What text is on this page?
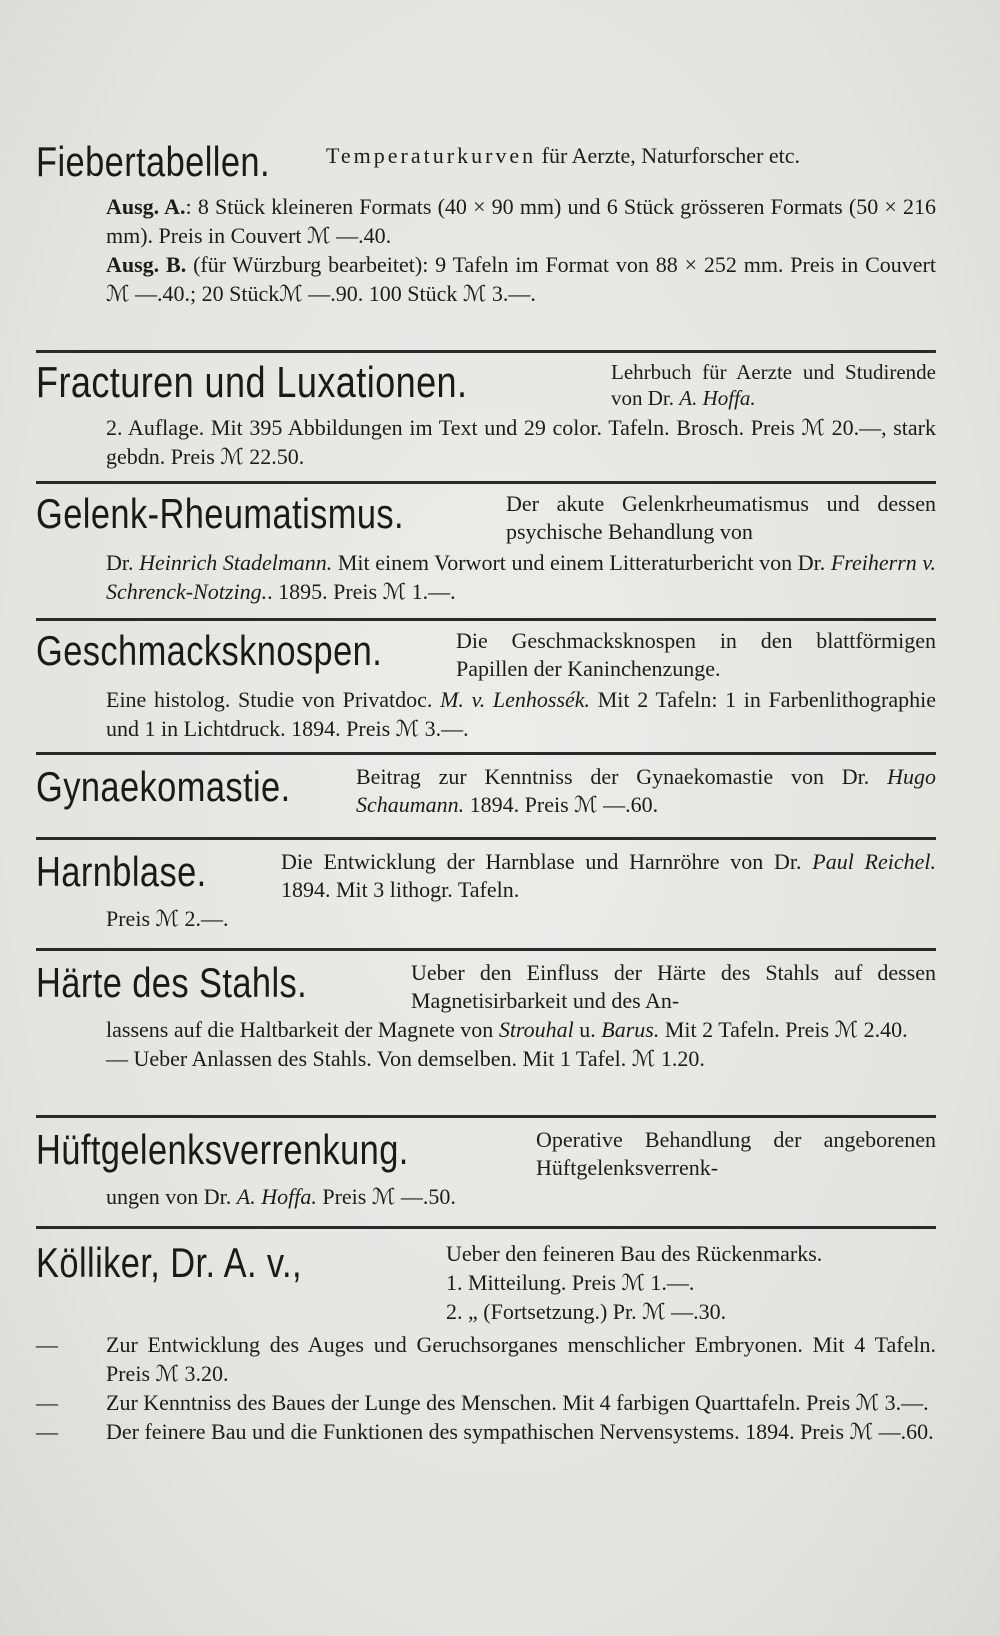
Fiebertabellen.	Temperaturkurven für Aerzte, Naturforscher etc.

Ausg. A.: 8 Stück kleineren Formats (40 × 90 mm) und 6 Stück grösseren Formats (50 × 216 mm). Preis in Couvert ℳ —.40.

Ausg. B. (für Würzburg bearbeitet): 9 Tafeln im Format von 88 × 252 mm. Preis in Couvert ℳ —.40.; 20 Stückℳ —.90. 100 Stück ℳ 3.—.

Fracturen und Luxationen.	Lehrbuch für Aerzte und Studirende von Dr. A. Hoffa.
2. Auflage. Mit 395 Abbildungen im Text und 29 color. Tafeln. Brosch. Preis ℳ 20.—, stark gebdn. Preis ℳ 22.50.
Gelenk-Rheumatismus.	Der akute Gelenkrheumatismus und dessen psychische Behandlung von
Dr. Heinrich Stadelmann. Mit einem Vorwort und einem Litteraturbericht von Dr. Freiherrn v. Schrenck-Notzing.. 1895. Preis ℳ 1.—.
Geschmacksknospen.	Die Geschmacksknospen in den blattförmigen Papillen der Kaninchenzunge.
Eine histolog. Studie von Privatdoc. M. v. Lenhossék. Mit 2 Tafeln: 1 in Farbenlithographie und 1 in Lichtdruck. 1894. Preis ℳ 3.—.
Gynaekomastie.	Beitrag zur Kenntniss der Gynaekomastie von Dr. Hugo Schaumann. 1894. Preis ℳ —.60.
Harnblase.	Die Entwicklung der Harnblase und Harnröhre von Dr. Paul Reichel. 1894. Mit 3 lithogr. Tafeln.
Preis ℳ 2.—.
Härte des Stahls.	Ueber den Einfluss der Härte des Stahls auf dessen Magnetisirbarkeit und des An-

lassens auf die Haltbarkeit der Magnete von Strouhal u. Barus. Mit 2 Tafeln. Preis ℳ 2.40.

— Ueber Anlassen des Stahls. Von demselben. Mit 1 Tafel. ℳ 1.20.

Hüftgelenksverrenkung.	Operative Behandlung der angeborenen Hüftgelenksverrenk-
ungen von Dr. A. Hoffa. Preis ℳ —.50.
Kölliker, Dr. A. v.,	Ueber den feineren Bau des Rückenmarks.
1. Mitteilung. Preis ℳ 1.—.
2. „ (Fortsetzung.) Pr. ℳ —.30.
—	Zur Entwicklung des Auges und Geruchsorganes menschlicher Embryonen. Mit 4 Tafeln. Preis ℳ 3.20.
—	Zur Kenntniss des Baues der Lunge des Menschen. Mit 4 farbigen Quarttafeln. Preis ℳ 3.—.
—	Der feinere Bau und die Funktionen des sympathischen Nervensystems. 1894. Preis ℳ —.60.
